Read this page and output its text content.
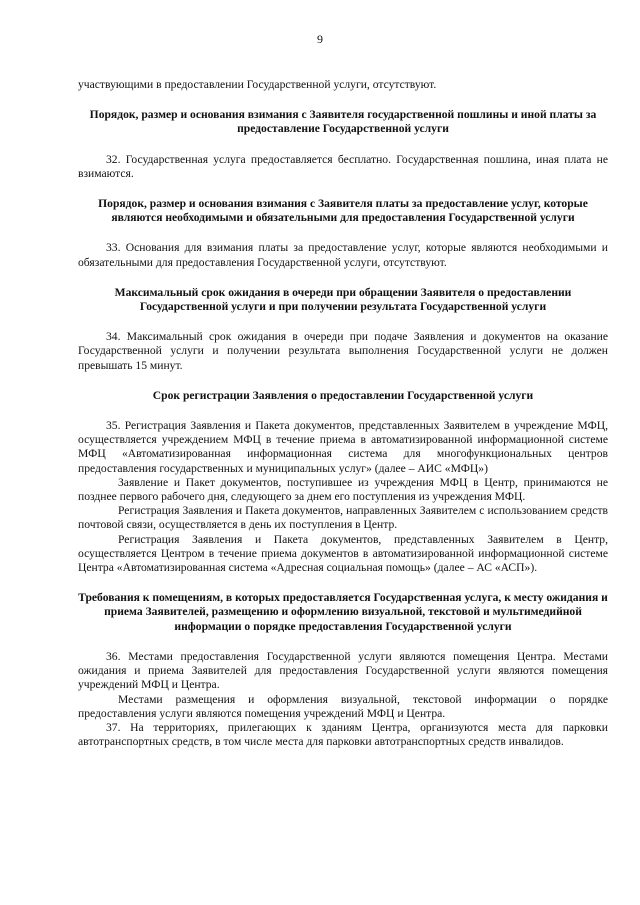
9

участвующими в предоставлении Государственной услуги, отсутствуют.

Порядок, размер и основания взимания с Заявителя государственной пошлины и иной платы за предоставление Государственной услуги

32. Государственная услуга предоставляется бесплатно. Государственная пошлина, иная плата не взимаются.

Порядок, размер и основания взимания с Заявителя платы за предоставление услуг, которые являются необходимыми и обязательными для предоставления Государственной услуги

33. Основания для взимания платы за предоставление услуг, которые являются необходимыми и обязательными для предоставления Государственной услуги, отсутствуют.

Максимальный срок ожидания в очереди при обращении Заявителя о предоставлении Государственной услуги и при получении результата Государственной услуги

34. Максимальный срок ожидания в очереди при подаче Заявления и документов на оказание Государственной услуги и получении результата выполнения Государственной услуги не должен превышать 15 минут.

Срок регистрации Заявления о предоставлении Государственной услуги

35. Регистрация Заявления и Пакета документов, представленных Заявителем в учреждение МФЦ, осуществляется учреждением МФЦ в течение приема в автоматизированной информационной системе МФЦ «Автоматизированная информационная система для многофункциональных центров предоставления государственных и муниципальных услуг» (далее – АИС «МФЦ»)

Заявление и Пакет документов, поступившее из учреждения МФЦ в Центр, принимаются не позднее первого рабочего дня, следующего за днем его поступления из учреждения МФЦ.

Регистрация Заявления и Пакета документов, направленных Заявителем с использованием средств почтовой связи, осуществляется в день их поступления в Центр.

Регистрация Заявления и Пакета документов, представленных Заявителем в Центр, осуществляется Центром в течение приема документов в автоматизированной информационной системе Центра «Автоматизированная система «Адресная социальная помощь» (далее – АС «АСП»).

Требования к помещениям, в которых предоставляется Государственная услуга, к месту ожидания и приема Заявителей, размещению и оформлению визуальной, текстовой и мультимедийной информации о порядке предоставления Государственной услуги

36. Местами предоставления Государственной услуги являются помещения Центра. Местами ожидания и приема Заявителей для предоставления Государственной услуги являются помещения учреждений МФЦ и Центра.

Местами размещения и оформления визуальной, текстовой информации о порядке предоставления услуги являются помещения учреждений МФЦ и Центра.

37. На территориях, прилегающих к зданиям Центра, организуются места для парковки автотранспортных средств, в том числе места для парковки автотранспортных средств инвалидов.
